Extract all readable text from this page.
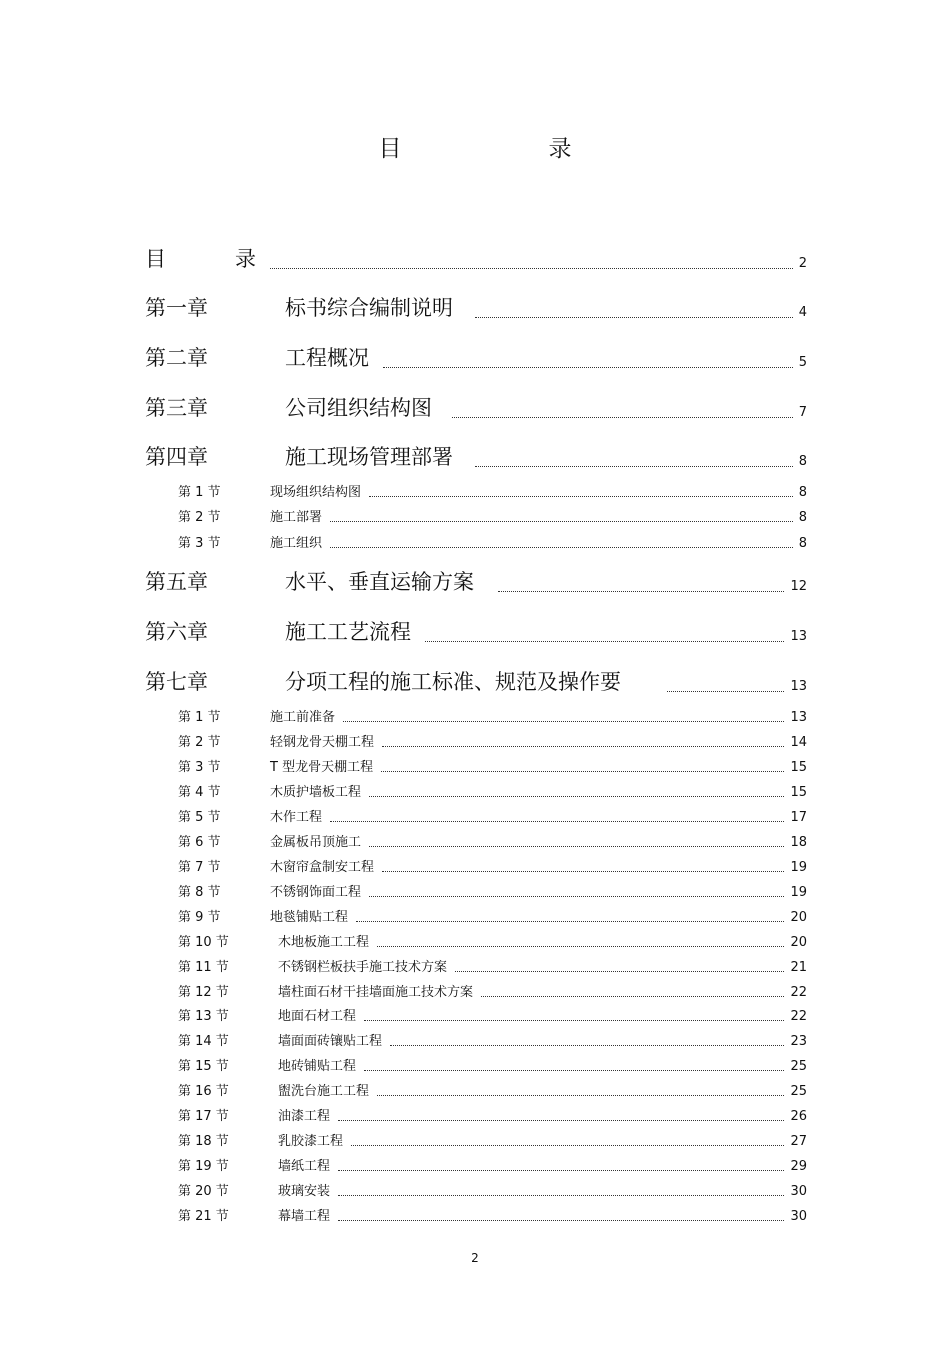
目　录
目	录	2
第一章	标书综合编制说明	4
第二章	工程概况	5
第三章	公司组织结构图	7
第四章	施工现场管理部署	8
第 1 节	现场组织结构图	8
第 2 节	施工部署	8
第 3 节	施工组织	8
第五章	水平、垂直运输方案	12
第六章	施工工艺流程	13
第七章	分项工程的施工标准、规范及操作要	13
第 1 节	施工前准备	13
第 2 节	轻钢龙骨天棚工程	14
第 3 节	T 型龙骨天棚工程	15
第 4 节	木质护墙板工程	15
第 5 节	木作工程	17
第 6 节	金属板吊顶施工	18
第 7 节	木窗帘盒制安工程	19
第 8 节	不锈钢饰面工程	19
第 9 节	地毯铺贴工程	20
第 10 节	木地板施工工程	20
第 11 节	不锈钢栏板扶手施工技术方案	21
第 12 节	墙柱面石材干挂墙面施工技术方案	22
第 13 节	地面石材工程	22
第 14 节	墙面面砖镶贴工程	23
第 15 节	地砖铺贴工程	25
第 16 节	盥洗台施工工程	25
第 17 节	油漆工程	26
第 18 节	乳胶漆工程	27
第 19 节	墙纸工程	29
第 20 节	玻璃安装	30
第 21 节	幕墙工程	30
2
